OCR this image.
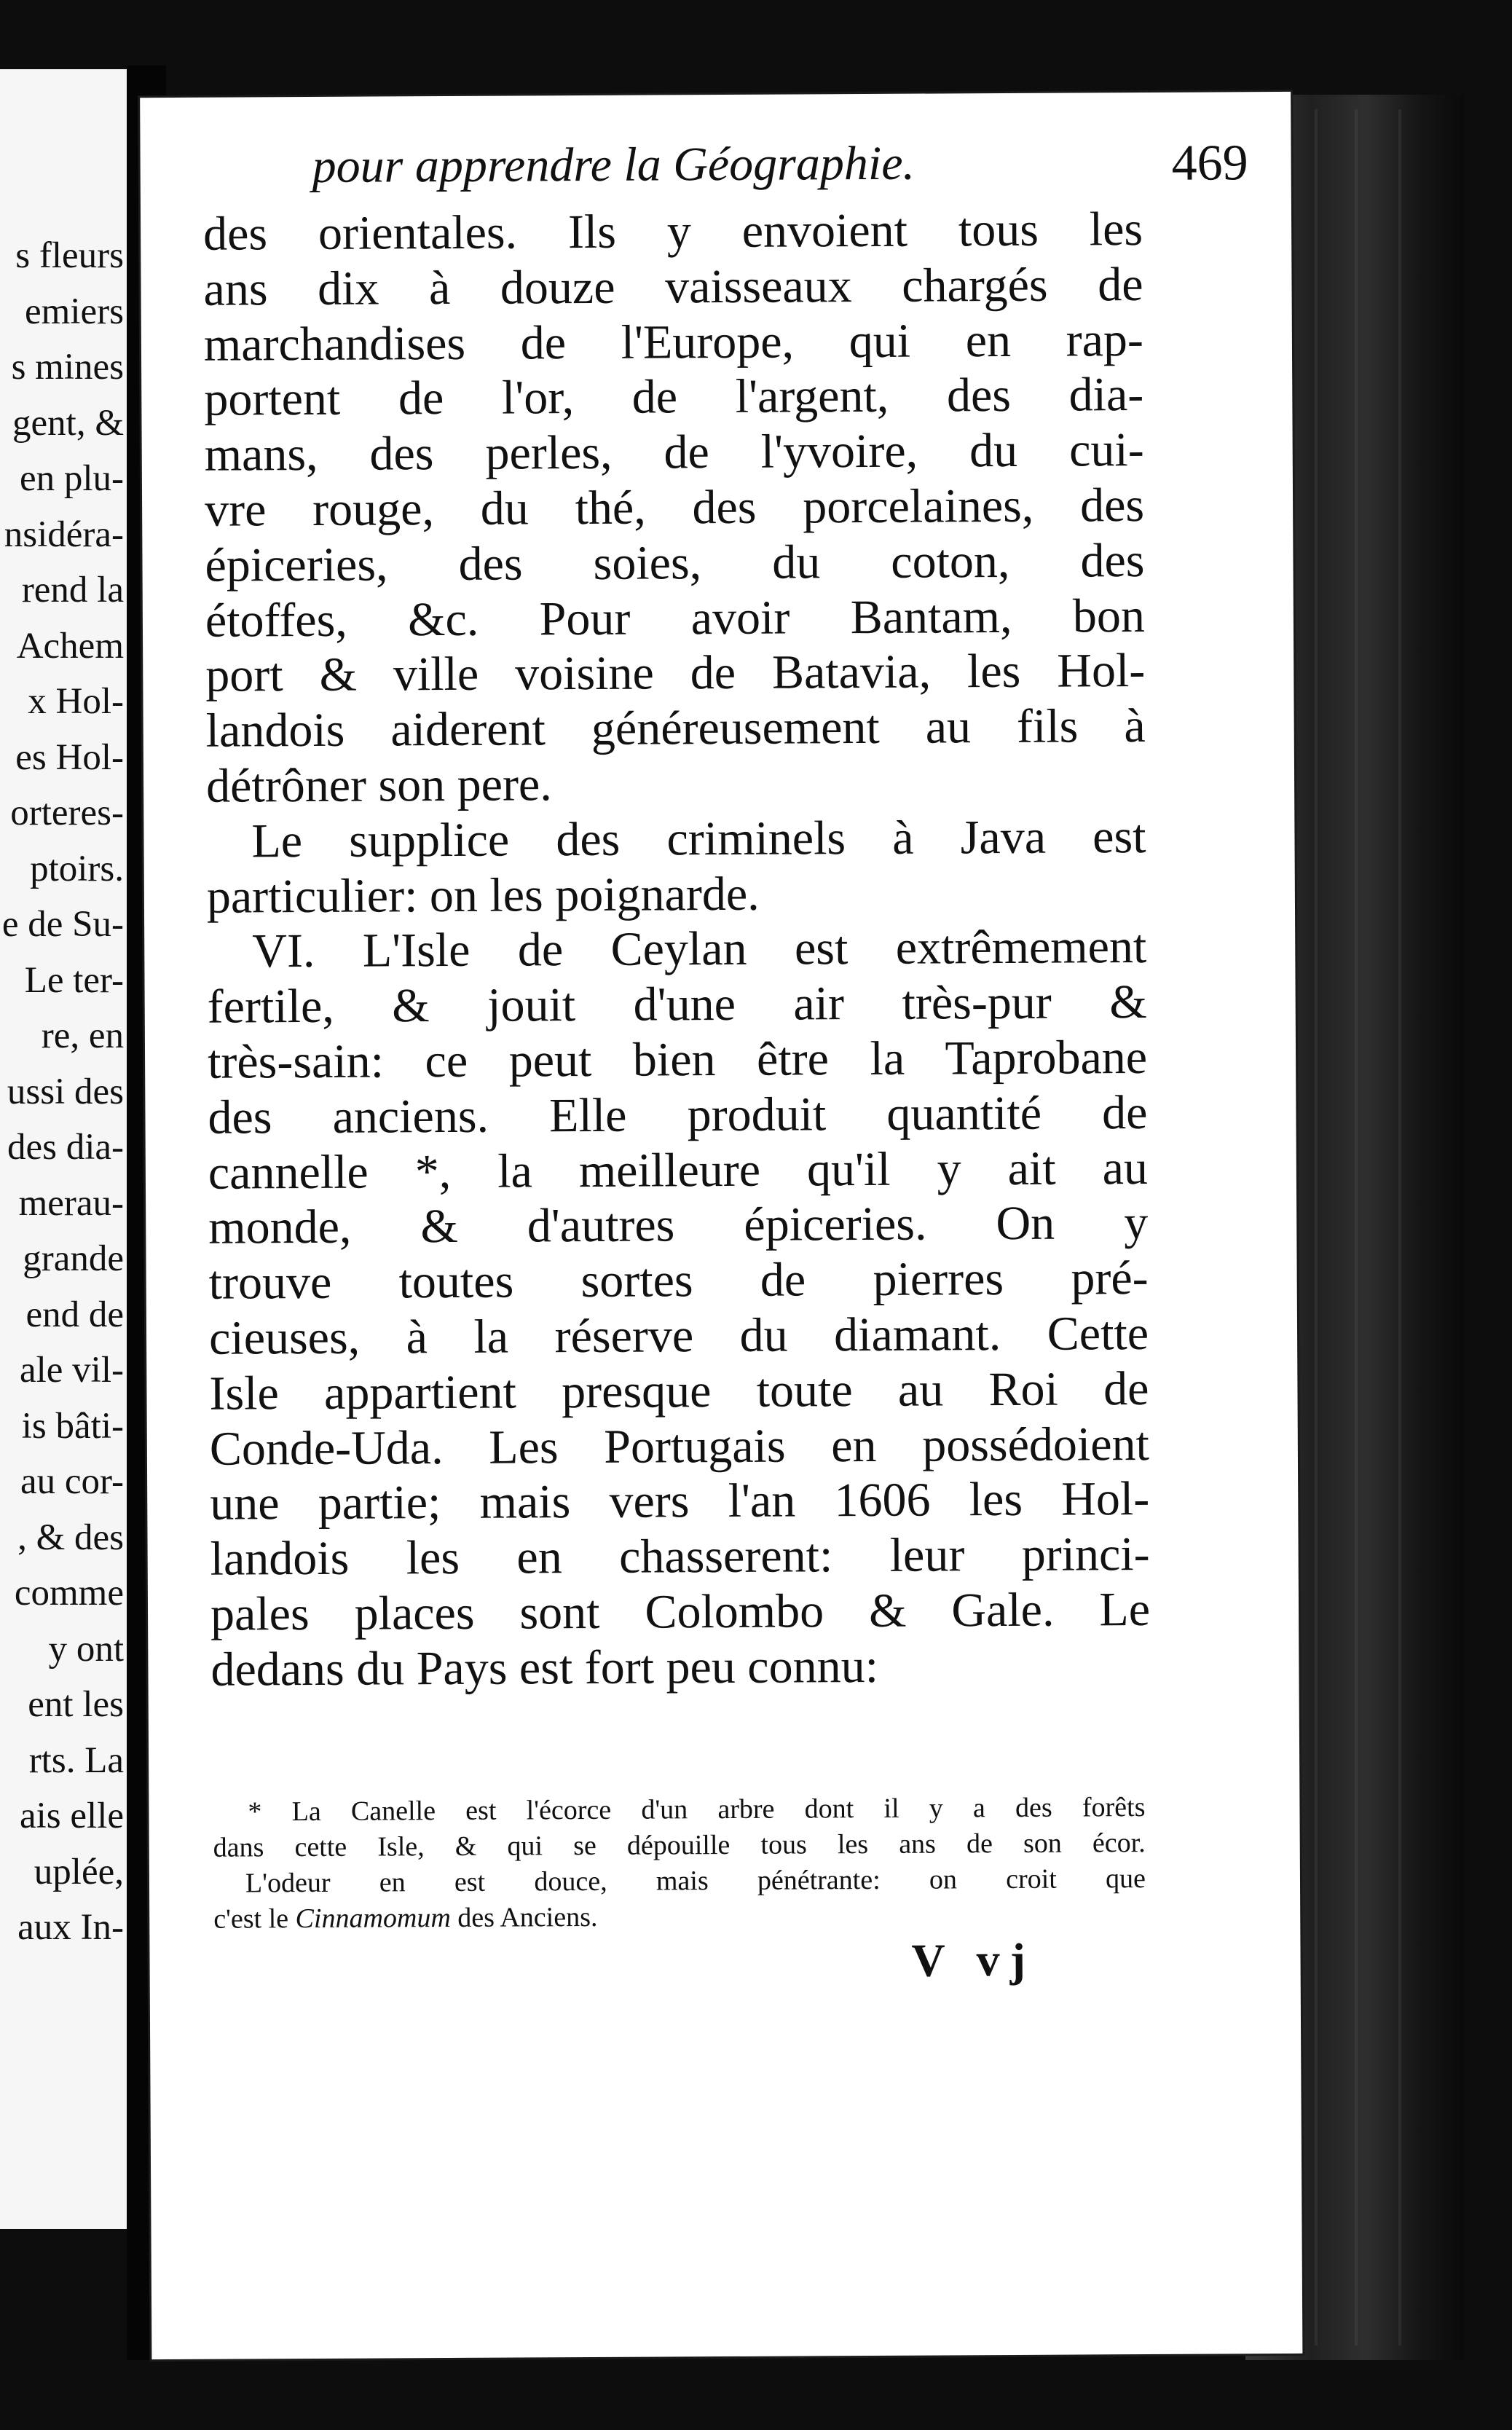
s fleurs
emiers
s mines
gent, &
en plu-
nsidéra-
rend la
Achem
x Hol-
es Hol-
orteres-
ptoirs.
e de Su-
Le ter-
re, en
ussi des
des dia-
merau-
grande
end de
ale vil-
is bâti-
au cor-
, & des
comme
y ont
ent les
rts. La
ais elle
uplée,
aux In-
pour apprendre la Géographie.	469
des orientales. Ils y envoient tous les
ans dix à douze vaisseaux chargés de
marchandises de l'Europe, qui en rap-
portent de l'or, de l'argent, des dia-
mans, des perles, de l'yvoire, du cui-
vre rouge, du thé, des porcelaines, des
épiceries, des soies, du coton, des
étoffes, &c. Pour avoir Bantam, bon
port & ville voisine de Batavia, les Hol-
landois aiderent généreusement au fils à
détrôner son pere.
Le supplice des criminels à Java est
particulier: on les poignarde.
VI. L'Isle de Ceylan est extrêmement
fertile, & jouit d'une air très-pur &
très-sain: ce peut bien être la Taprobane
des anciens. Elle produit quantité de
cannelle *, la meilleure qu'il y ait au
monde, & d'autres épiceries. On y
trouve toutes sortes de pierres pré-
cieuses, à la réserve du diamant. Cette
Isle appartient presque toute au Roi de
Conde-Uda. Les Portugais en possédoient
une partie; mais vers l'an 1606 les Hol-
landois les en chasserent: leur princi-
pales places sont Colombo & Gale. Le
dedans du Pays est fort peu connu:
* La Canelle est l'écorce d'un arbre dont il y a des forêts
dans cette Isle, & qui se dépouille tous les ans de son écor.
L'odeur en est douce, mais pénétrante: on croit que
c'est le Cinnamomum des Anciens.
V vj
